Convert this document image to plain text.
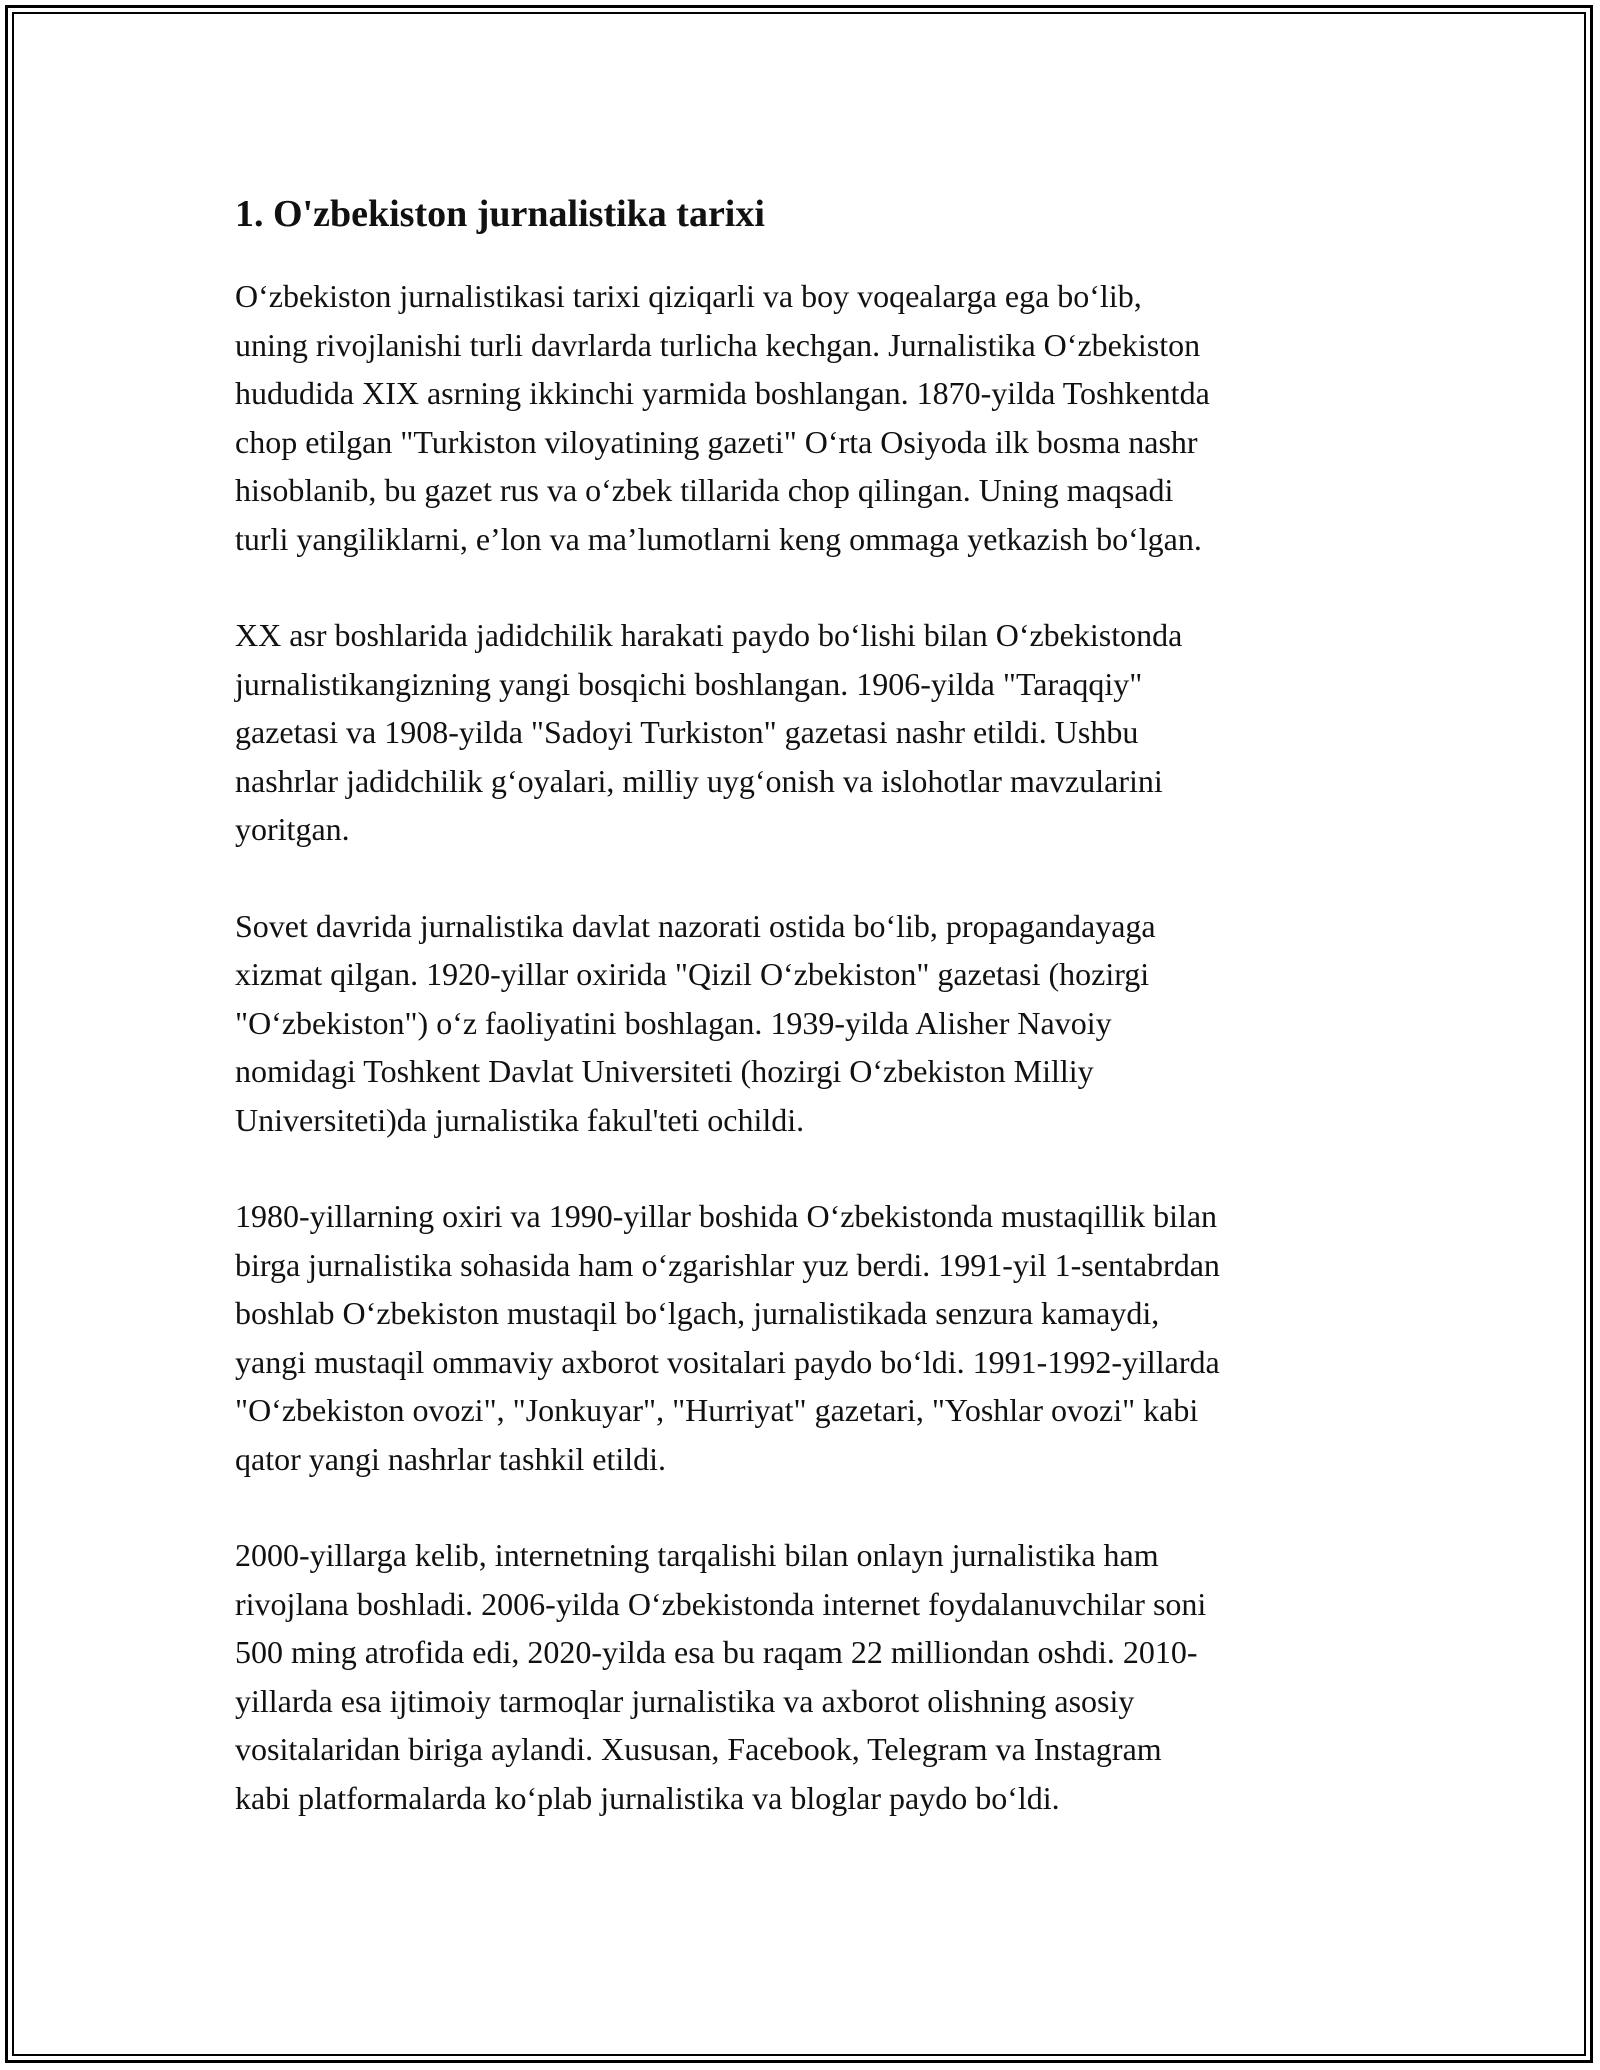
1. O'zbekiston jurnalistika tarixi

O‘zbekiston jurnalistikasi tarixi qiziqarli va boy voqealarga ega bo‘lib,
uning rivojlanishi turli davrlarda turlicha kechgan. Jurnalistika O‘zbekiston
hududida XIX asrning ikkinchi yarmida boshlangan. 1870-yilda Toshkentda
chop etilgan "Turkiston viloyatining gazeti" O‘rta Osiyoda ilk bosma nashr
hisoblanib, bu gazet rus va o‘zbek tillarida chop qilingan. Uning maqsadi
turli yangiliklarni, e’lon va ma’lumotlarni keng ommaga yetkazish bo‘lgan.

XX asr boshlarida jadidchilik harakati paydo bo‘lishi bilan O‘zbekistonda
jurnalistikangizning yangi bosqichi boshlangan. 1906-yilda "Taraqqiy"
gazetasi va 1908-yilda "Sadoyi Turkiston" gazetasi nashr etildi. Ushbu
nashrlar jadidchilik g‘oyalari, milliy uyg‘onish va islohotlar mavzularini
yoritgan.

Sovet davrida jurnalistika davlat nazorati ostida bo‘lib, propagandayaga
xizmat qilgan. 1920-yillar oxirida "Qizil O‘zbekiston" gazetasi (hozirgi
"O‘zbekiston") o‘z faoliyatini boshlagan. 1939-yilda Alisher Navoiy
nomidagi Toshkent Davlat Universiteti (hozirgi O‘zbekiston Milliy
Universiteti)da jurnalistika fakul'teti ochildi.

1980-yillarning oxiri va 1990-yillar boshida O‘zbekistonda mustaqillik bilan
birga jurnalistika sohasida ham o‘zgarishlar yuz berdi. 1991-yil 1-sentabrdan
boshlab O‘zbekiston mustaqil bo‘lgach, jurnalistikada senzura kamaydi,
yangi mustaqil ommaviy axborot vositalari paydo bo‘ldi. 1991-1992-yillarda
"O‘zbekiston ovozi", "Jonkuyar", "Hurriyat" gazetari, "Yoshlar ovozi" kabi
qator yangi nashrlar tashkil etildi.

2000-yillarga kelib, internetning tarqalishi bilan onlayn jurnalistika ham
rivojlana boshladi. 2006-yilda O‘zbekistonda internet foydalanuvchilar soni
500 ming atrofida edi, 2020-yilda esa bu raqam 22 milliondan oshdi. 2010-
yillarda esa ijtimoiy tarmoqlar jurnalistika va axborot olishning asosiy
vositalaridan biriga aylandi. Xususan, Facebook, Telegram va Instagram
kabi platformalarda ko‘plab jurnalistika va bloglar paydo bo‘ldi.
